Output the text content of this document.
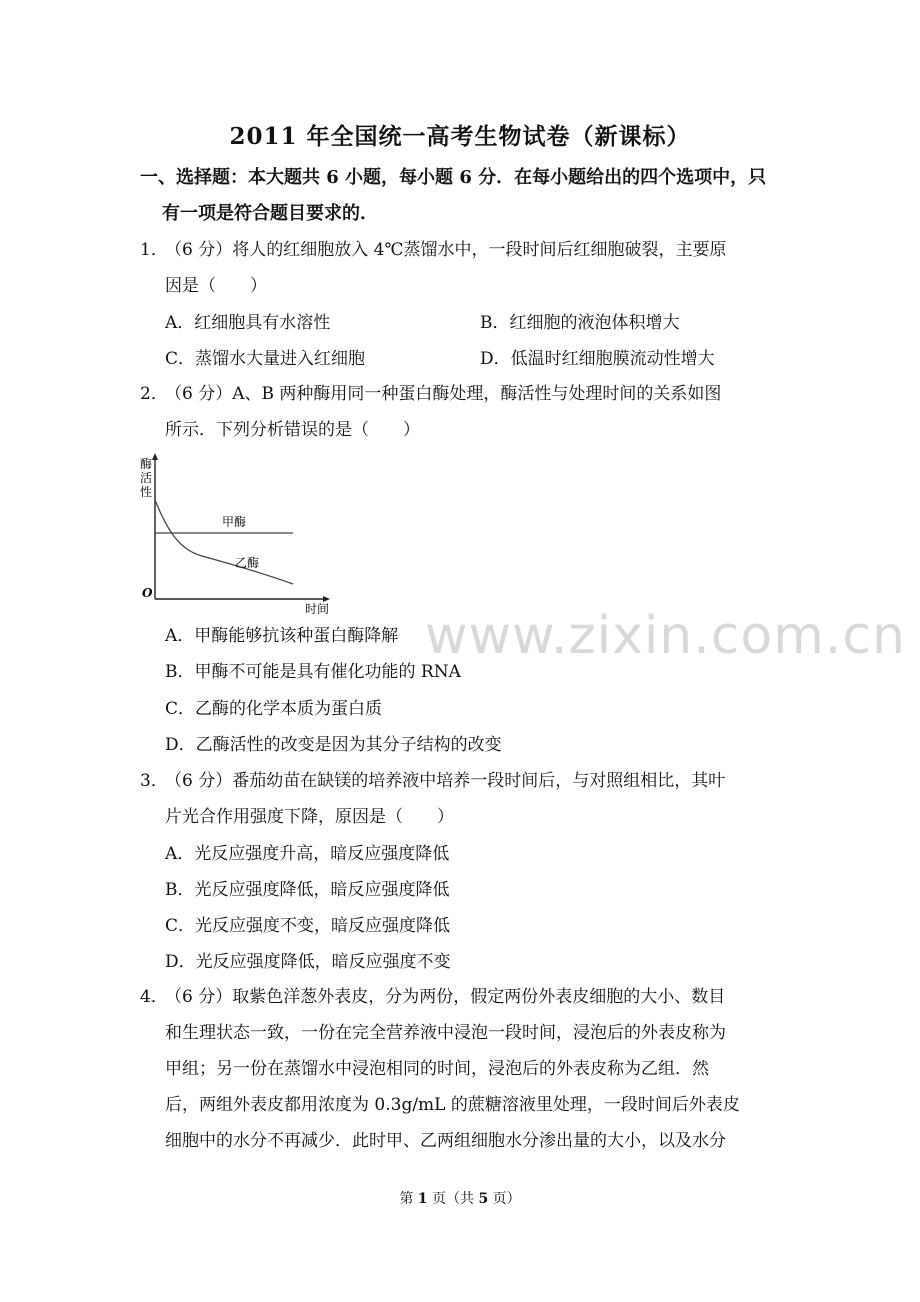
2011 年全国统一高考生物试卷（新课标）
一、选择题：本大题共 6 小题，每小题 6 分．在每小题给出的四个选项中，只
有一项是符合题目要求的．
1．（6 分）将人的红细胞放入 4℃蒸馏水中，一段时间后红细胞破裂，主要原
因是（　　）
A．红细胞具有水溶性	B．红细胞的液泡体积增大
C．蒸馏水大量进入红细胞	D．低温时红细胞膜流动性增大
2．（6 分）A、B 两种酶用同一种蛋白酶处理，酶活性与处理时间的关系如图
所示．下列分析错误的是（　　）
O
时间
酶 活 性
甲酶
乙酶
www.zixin.com.cn
A．甲酶能够抗该种蛋白酶降解
B．甲酶不可能是具有催化功能的 RNA
C．乙酶的化学本质为蛋白质
D．乙酶活性的改变是因为其分子结构的改变
3．（6 分）番茄幼苗在缺镁的培养液中培养一段时间后，与对照组相比，其叶
片光合作用强度下降，原因是（　　）
A．光反应强度升高，暗反应强度降低
B．光反应强度降低，暗反应强度降低
C．光反应强度不变，暗反应强度降低
D．光反应强度降低，暗反应强度不变
4．（6 分）取紫色洋葱外表皮，分为两份，假定两份外表皮细胞的大小、数目
和生理状态一致，一份在完全营养液中浸泡一段时间，浸泡后的外表皮称为
甲组；另一份在蒸馏水中浸泡相同的时间，浸泡后的外表皮称为乙组．然
后，两组外表皮都用浓度为 0.3g/mL 的蔗糖溶液里处理，一段时间后外表皮
细胞中的水分不再减少．此时甲、乙两组细胞水分渗出量的大小，以及水分
第 1 页（共 5 页）
